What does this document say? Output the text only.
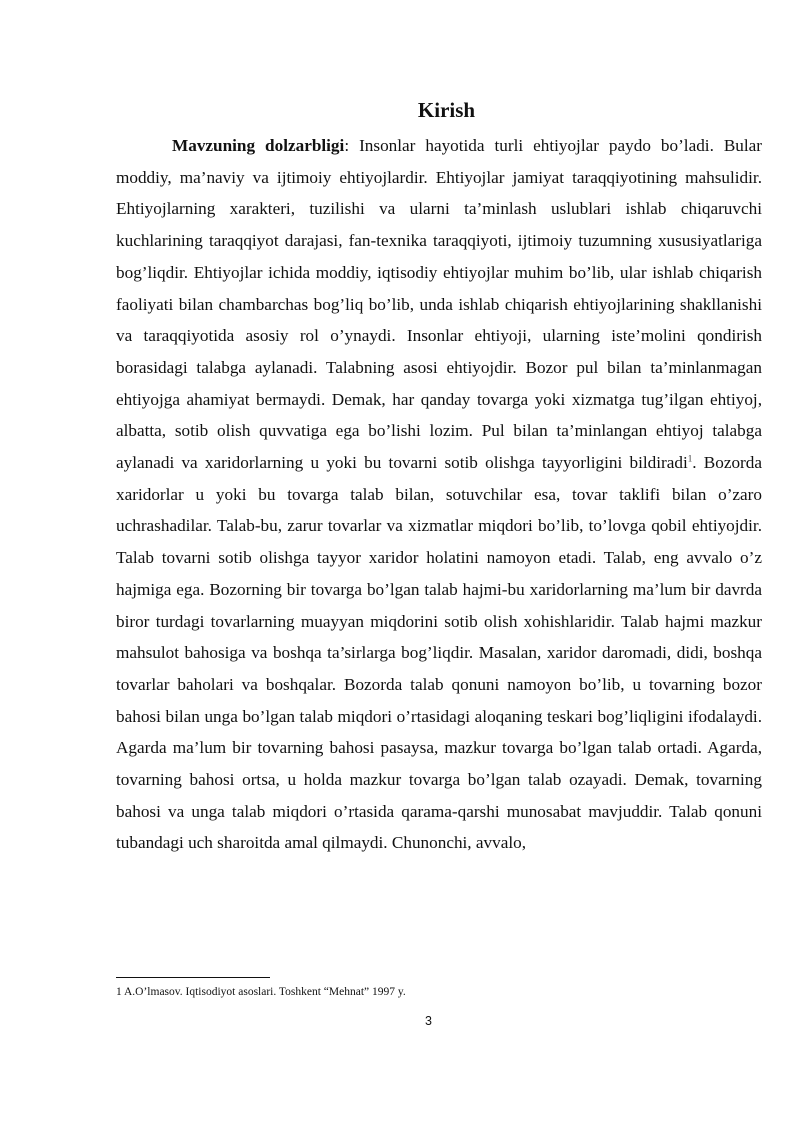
Kirish

Mavzuning dolzarbligi: Insonlar hayotida turli ehtiyojlar paydo bo’ladi. Bular moddiy, ma’naviy va ijtimoiy ehtiyojlardir. Ehtiyojlar jamiyat taraqqiyotining mahsulidir. Ehtiyojlarning xarakteri, tuzilishi va ularni ta’minlash uslublari ishlab chiqaruvchi kuchlarining taraqqiyot darajasi, fan-texnika taraqqiyoti, ijtimoiy tuzumning xususiyatlariga bog’liqdir. Ehtiyojlar ichida moddiy, iqtisodiy ehtiyojlar muhim bo’lib, ular ishlab chiqarish faoliyati bilan chambarchas bog’liq bo’lib, unda ishlab chiqarish ehtiyojlarining shakllanishi va taraqqiyotida asosiy rol o’ynaydi. Insonlar ehtiyoji, ularning iste’molini qondirish borasidagi talabga aylanadi. Talabning asosi ehtiyojdir. Bozor pul bilan ta’minlanmagan ehtiyojga ahamiyat bermaydi. Demak, har qanday tovarga yoki xizmatga tug’ilgan ehtiyoj, albatta, sotib olish quvvatiga ega bo’lishi lozim. Pul bilan ta’minlangan ehtiyoj talabga aylanadi va xaridorlarning u yoki bu tovarni sotib olishga tayyorligini bildiradi$^1$. Bozorda xaridorlar u yoki bu tovarga talab bilan, sotuvchilar esa, tovar taklifi bilan o’zaro uchrashadilar. Talab-bu, zarur tovarlar va xizmatlar miqdori bo’lib, to’lovga qobil ehtiyojdir. Talab tovarni sotib olishga tayyor xaridor holatini namoyon etadi. Talab, eng avvalo o’z hajmiga ega. Bozorning bir tovarga bo’lgan talab hajmi-bu xaridorlarning ma’lum bir davrda biror turdagi tovarlarning muayyan miqdorini sotib olish xohishlaridir. Talab hajmi mazkur mahsulot bahosiga va boshqa ta’sirlarga bog’liqdir. Masalan, xaridor daromadi, didi, boshqa tovarlar baholari va boshqalar. Bozorda talab qonuni namoyon bo’lib, u tovarning bozor bahosi bilan unga bo’lgan talab miqdori o’rtasidagi aloqaning teskari bog’liqligini ifodalaydi. Agarda ma’lum bir tovarning bahosi pasaysa, mazkur tovarga bo’lgan talab ortadi. Agarda, tovarning bahosi ortsa, u holda mazkur tovarga bo’lgan talab ozayadi. Demak, tovarning bahosi va unga talab miqdori o’rtasida qarama-qarshi munosabat mavjuddir. Talab qonuni tubandagi uch sharoitda amal qilmaydi. Chunonchi, avvalo,

1 A.O’lmasov. Iqtisodiyot asoslari. Toshkent “Mehnat” 1997 y.

3
